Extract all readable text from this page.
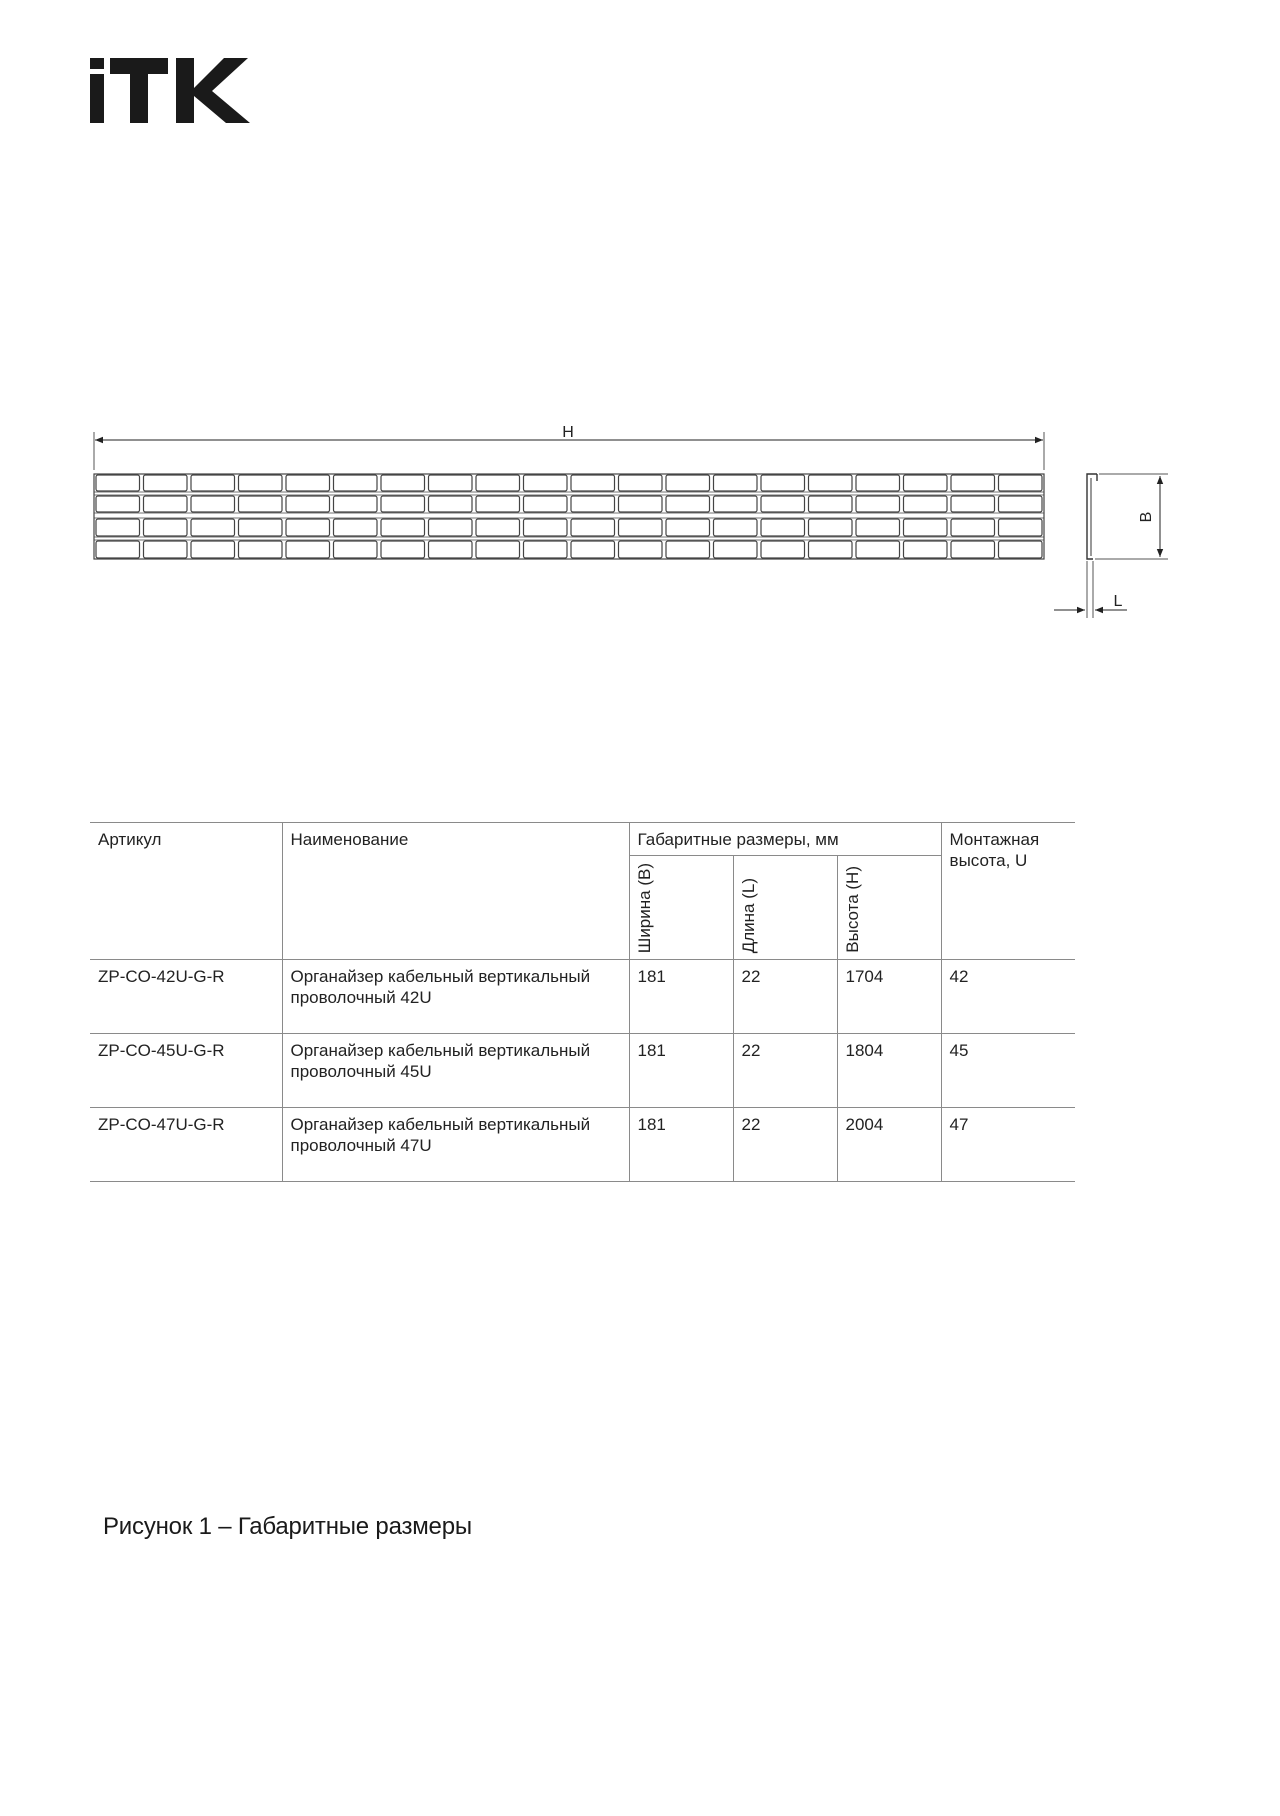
H
B
L
Артикул	Наименование	Габаритные размеры, мм			Монтажная высота, U

		Ширина (B)	Длина (L)	Высота (H)	

ZP-CO-42U-G-R	Органайзер кабельный вертикальный проволочный 42U	181	22	1704	42
ZP-CO-45U-G-R	Органайзер кабельный вертикальный проволочный 45U	181	22	1804	45
ZP-CO-47U-G-R	Органайзер кабельный вертикальный проволочный 47U	181	22	2004	47
Рисунок 1 – Габаритные размеры
